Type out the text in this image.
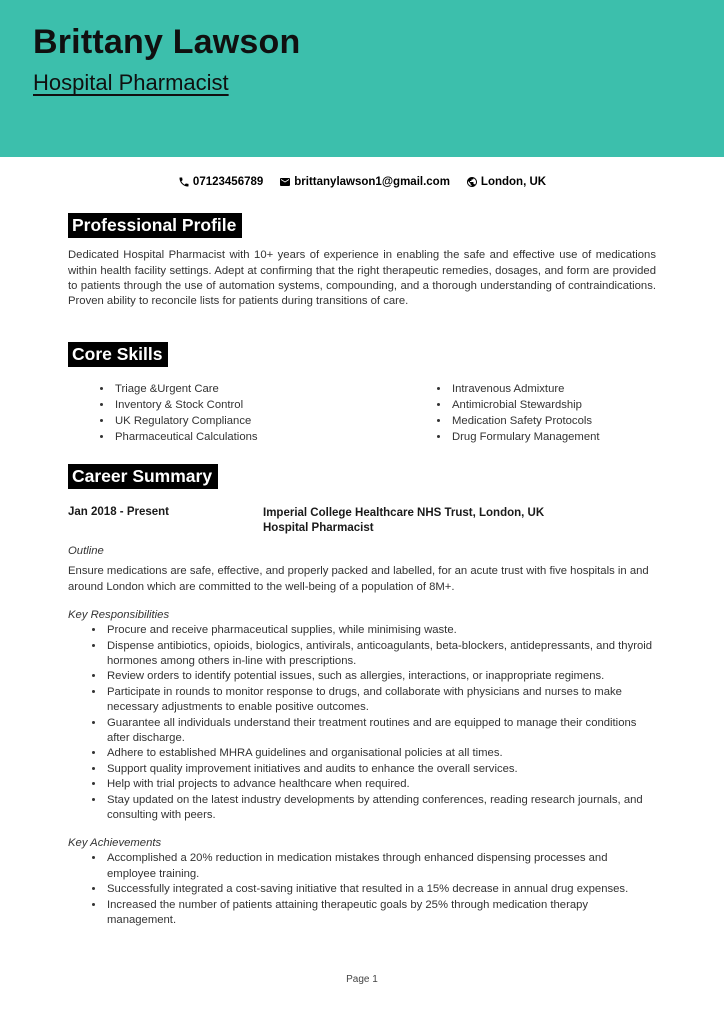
Brittany Lawson
Hospital Pharmacist
07123456789	brittanylawson1@gmail.com	London, UK
Professional Profile

Dedicated Hospital Pharmacist with 10+ years of experience in enabling the safe and effective use of medications within health facility settings. Adept at confirming that the right therapeutic remedies, dosages, and form are provided to patients through the use of automation systems, compounding, and a thorough understanding of contraindications. Proven ability to reconcile lists for patients during transitions of care.

Core Skills
• Triage &Urgent Care
• Inventory & Stock Control
• UK Regulatory Compliance
• Pharmaceutical Calculations
• Intravenous Admixture
• Antimicrobial Stewardship
• Medication Safety Protocols
• Drug Formulary Management
Career Summary
Jan 2018 - Present	Imperial College Healthcare NHS Trust, London, UK
Hospital Pharmacist
Outline

Ensure medications are safe, effective, and properly packed and labelled, for an acute trust with five hospitals in and around London which are committed to the well-being of a population of 8M+.

Key Responsibilities
• Procure and receive pharmaceutical supplies, while minimising waste.
• Dispense antibiotics, opioids, biologics, antivirals, anticoagulants, beta-blockers, antidepressants, and thyroid hormones among others in-line with prescriptions.
• Review orders to identify potential issues, such as allergies, interactions, or inappropriate regimens.
• Participate in rounds to monitor response to drugs, and collaborate with physicians and nurses to make necessary adjustments to enable positive outcomes.
• Guarantee all individuals understand their treatment routines and are equipped to manage their conditions after discharge.
• Adhere to established MHRA guidelines and organisational policies at all times.
• Support quality improvement initiatives and audits to enhance the overall services.
• Help with trial projects to advance healthcare when required.
• Stay updated on the latest industry developments by attending conferences, reading research journals, and consulting with peers.
Key Achievements
• Accomplished a 20% reduction in medication mistakes through enhanced dispensing processes and employee training.
• Successfully integrated a cost-saving initiative that resulted in a 15% decrease in annual drug expenses.
• Increased the number of patients attaining therapeutic goals by 25% through medication therapy management.
Page 1
